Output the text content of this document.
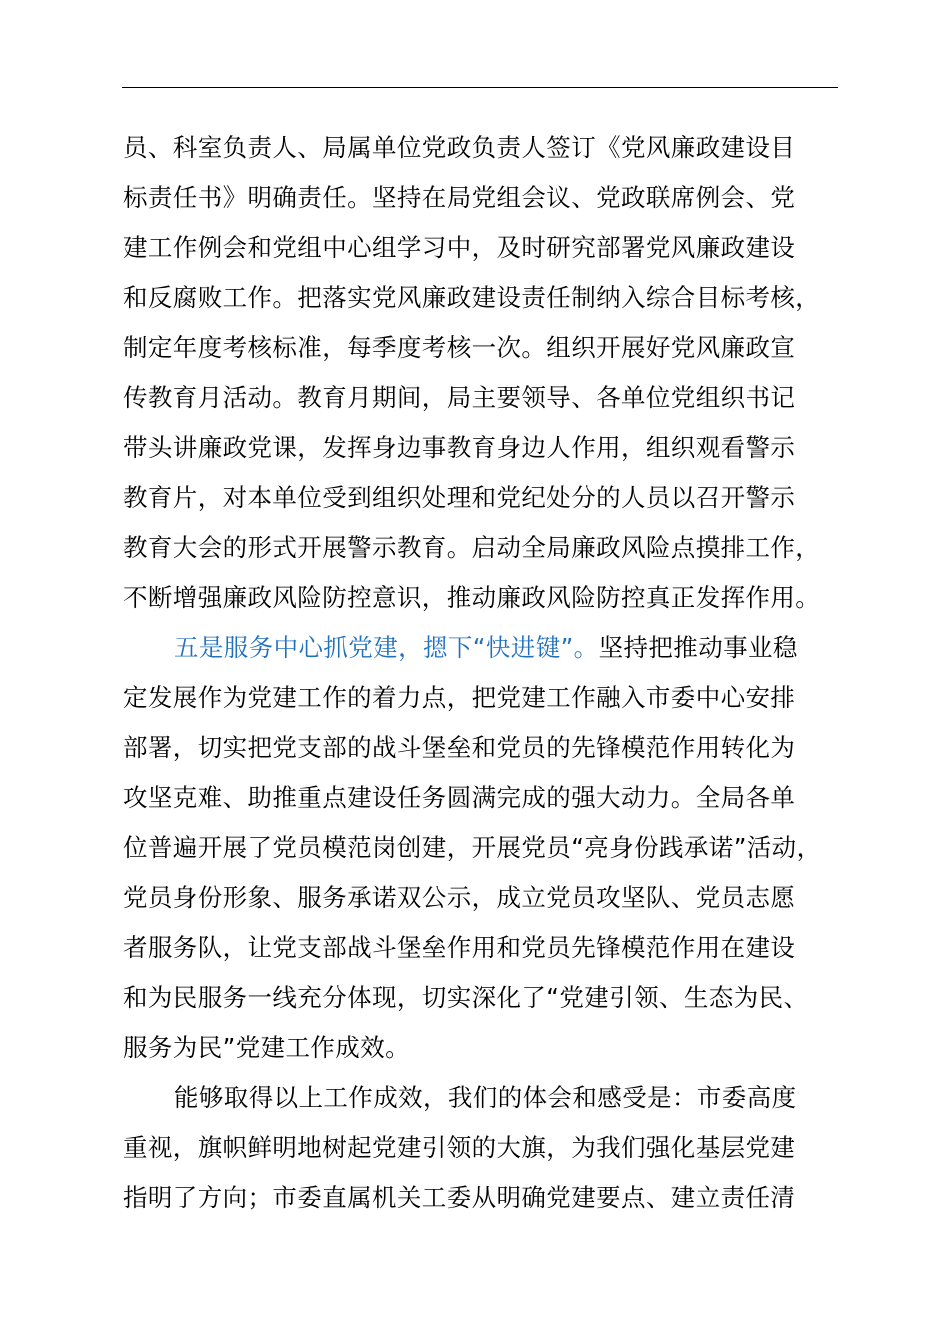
员、科室负责人、局属单位党政负责人签订《党风廉政建设目
标责任书》明确责任。坚持在局党组会议、党政联席例会、党
建工作例会和党组中心组学习中，及时研究部署党风廉政建设
和反腐败工作。把落实党风廉政建设责任制纳入综合目标考核，
制定年度考核标准，每季度考核一次。组织开展好党风廉政宣
传教育月活动。教育月期间，局主要领导、各单位党组织书记
带头讲廉政党课，发挥身边事教育身边人作用，组织观看警示
教育片，对本单位受到组织处理和党纪处分的人员以召开警示
教育大会的形式开展警示教育。启动全局廉政风险点摸排工作，
不断增强廉政风险防控意识，推动廉政风险防控真正发挥作用。
五是服务中心抓党建，摁下“快进键”。坚持把推动事业稳
定发展作为党建工作的着力点，把党建工作融入市委中心安排
部署，切实把党支部的战斗堡垒和党员的先锋模范作用转化为
攻坚克难、助推重点建设任务圆满完成的强大动力。全局各单
位普遍开展了党员模范岗创建，开展党员“亮身份践承诺”活动，
党员身份形象、服务承诺双公示，成立党员攻坚队、党员志愿
者服务队，让党支部战斗堡垒作用和党员先锋模范作用在建设
和为民服务一线充分体现，切实深化了“党建引领、生态为民、
服务为民”党建工作成效。
能够取得以上工作成效，我们的体会和感受是：市委高度
重视，旗帜鲜明地树起党建引领的大旗，为我们强化基层党建
指明了方向；市委直属机关工委从明确党建要点、建立责任清
